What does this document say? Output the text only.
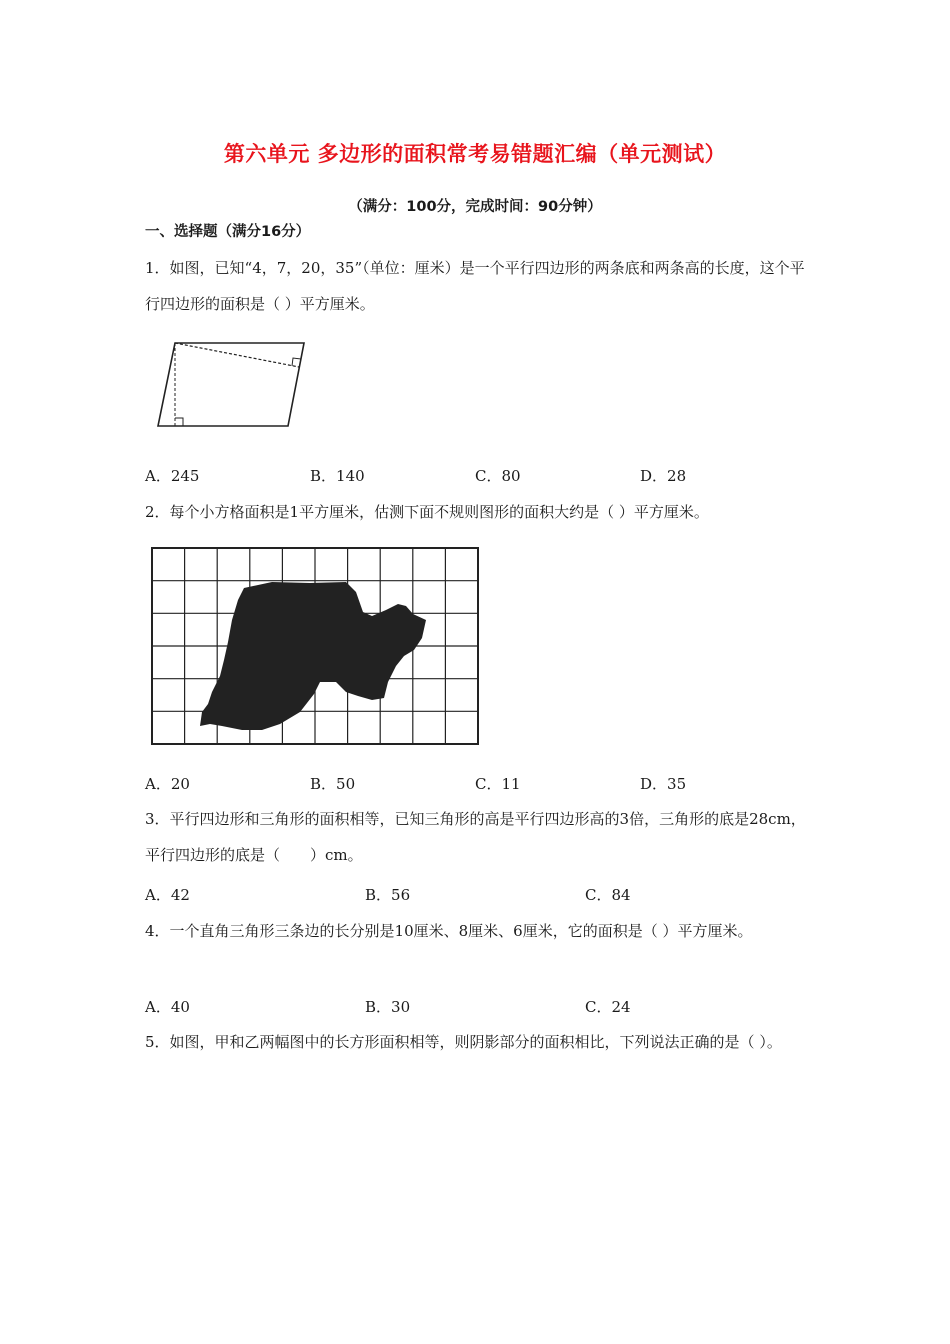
第六单元 多边形的面积常考易错题汇编（单元测试）
（满分：100分，完成时间：90分钟）
一、选择题（满分16分）
1．如图，已知“4，7，20，35”（单位：厘米）是一个平行四边形的两条底和两条高的长度，这个平行四边形的面积是（ ）平方厘米。
A．245	B．140	C．80	D．28
2．每个小方格面积是1平方厘米，估测下面不规则图形的面积大约是（ ）平方厘米。
A．20	B．50	C．11	D．35
3．平行四边形和三角形的面积相等，已知三角形的高是平行四边形高的3倍，三角形的底是28cm，平行四边形的底是（　　）cm。
A．42	B．56	C．84
4．一个直角三角形三条边的长分别是10厘米、8厘米、6厘米，它的面积是（ ）平方厘米。
A．40	B．30	C．24
5．如图，甲和乙两幅图中的长方形面积相等，则阴影部分的面积相比，下列说法正确的是（ ）。
